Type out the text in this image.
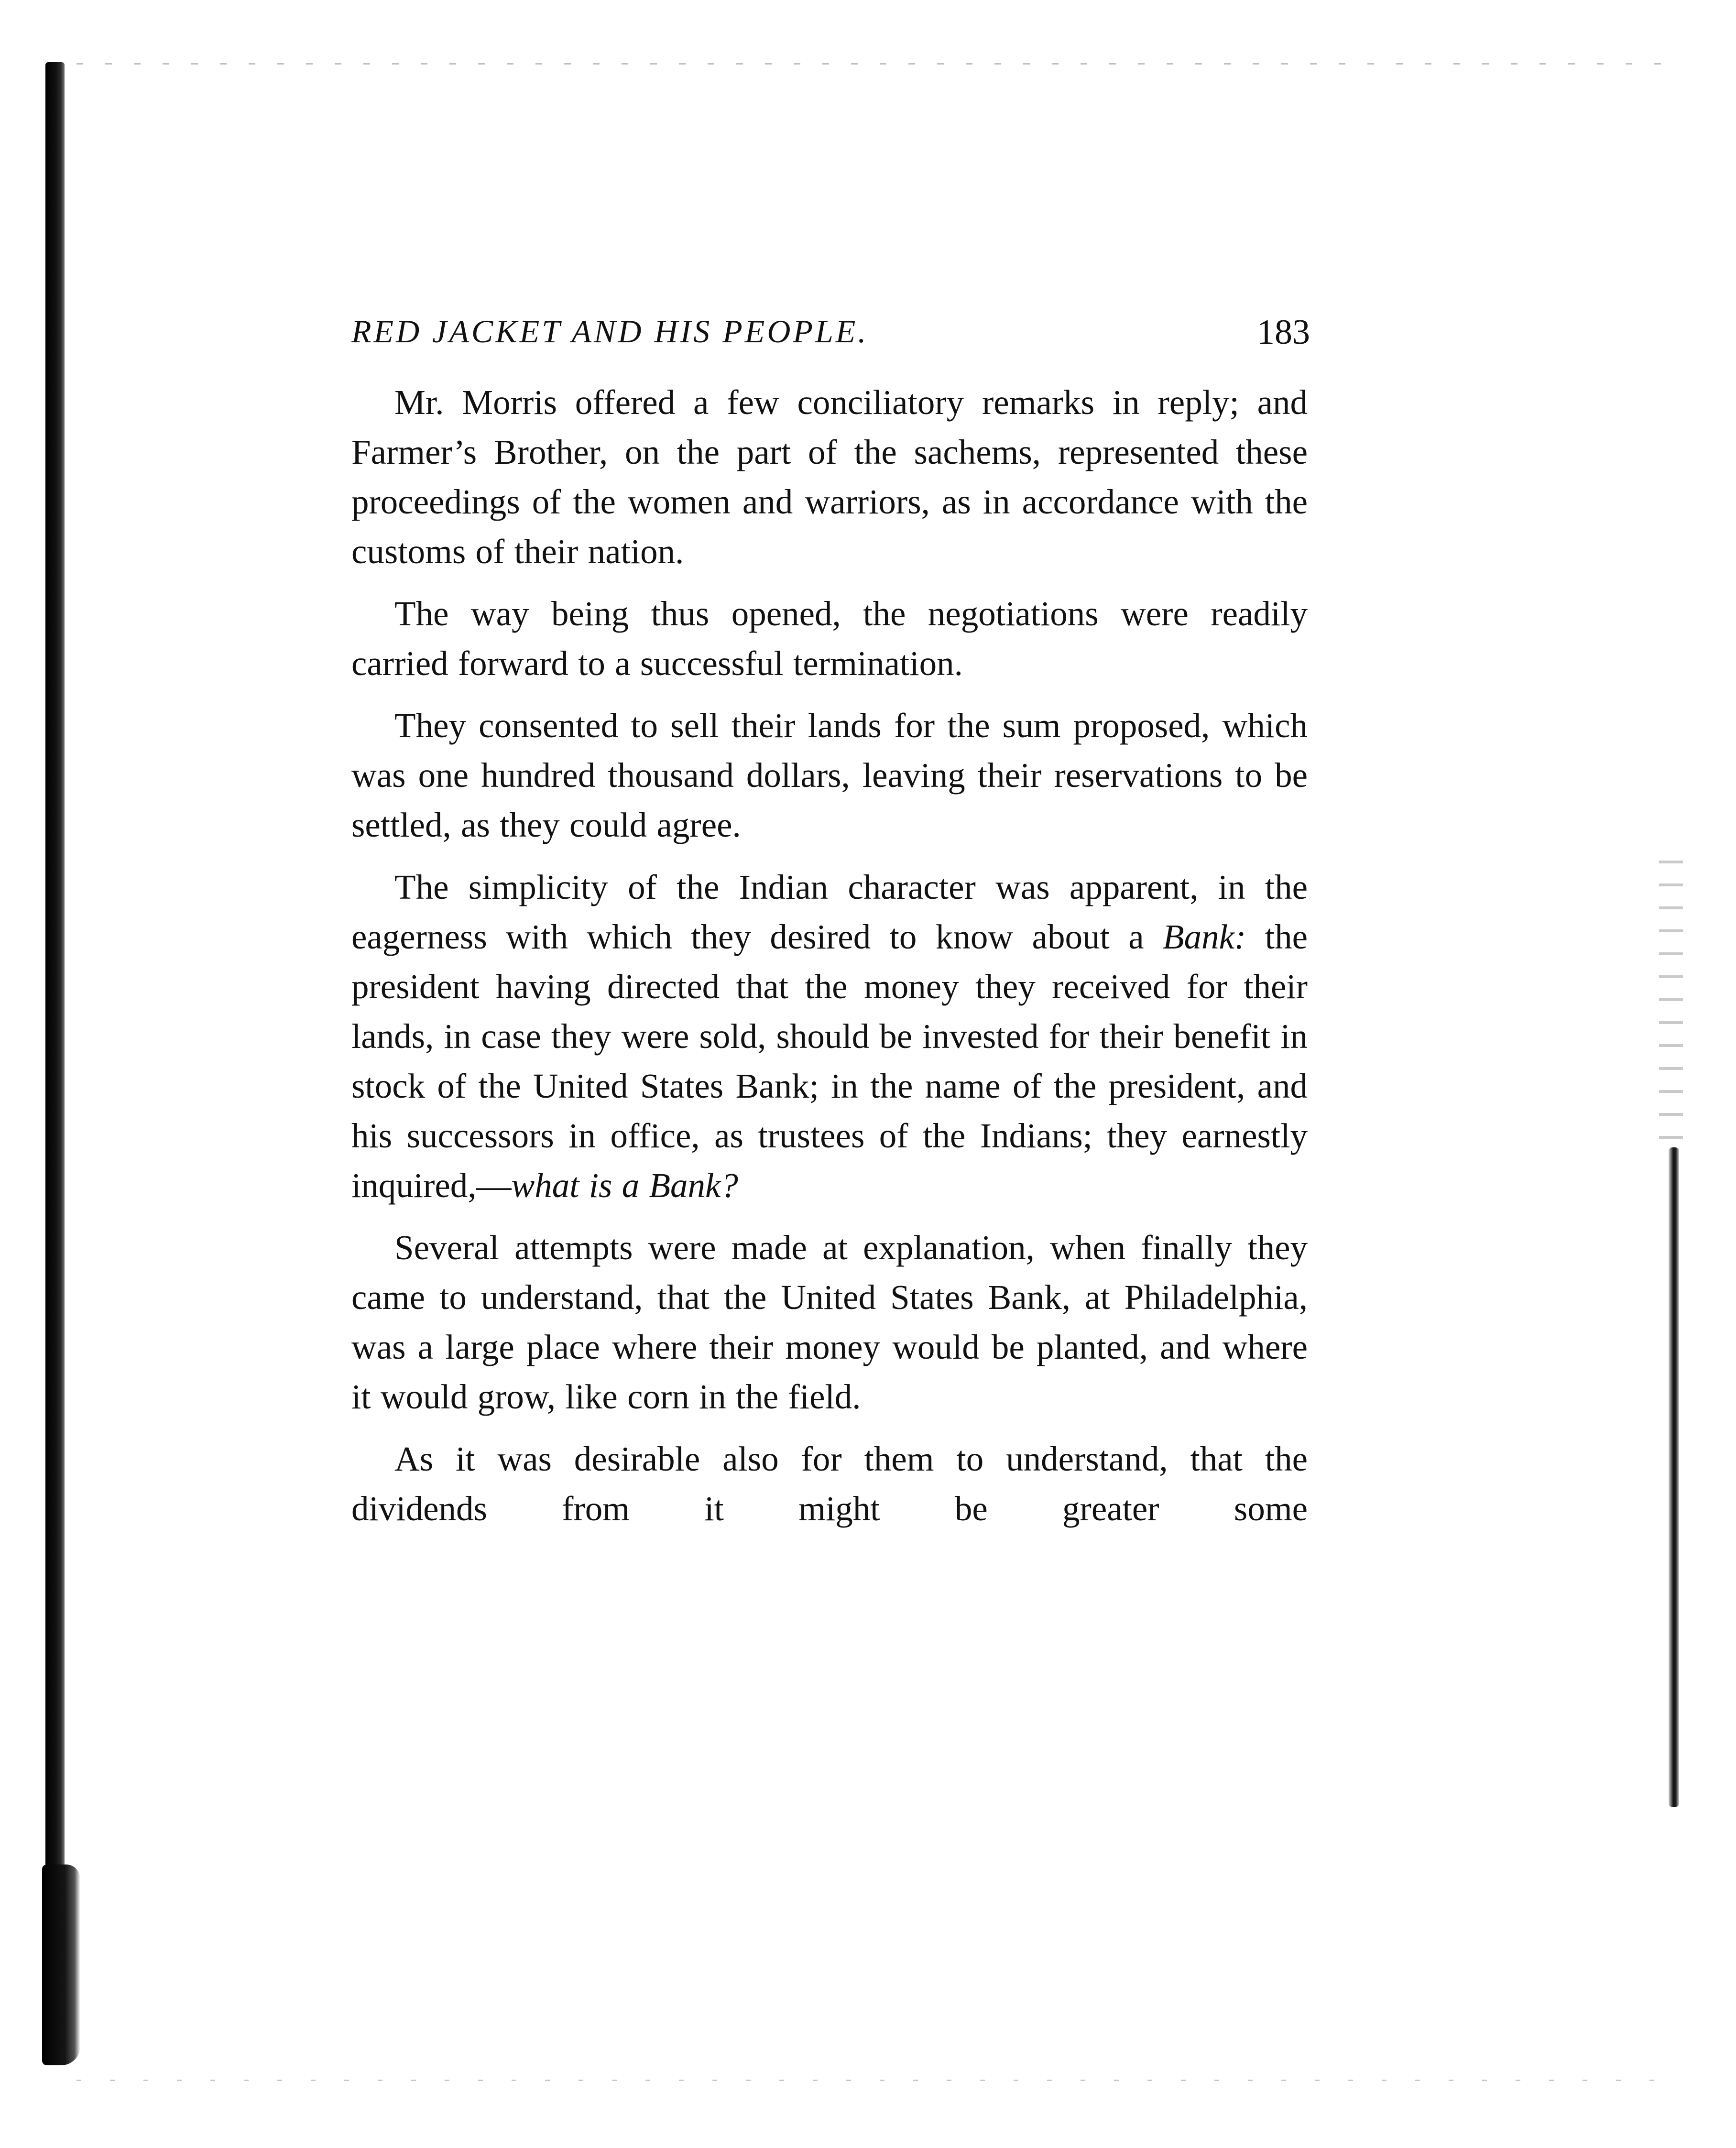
RED JACKET AND HIS PEOPLE.	183

Mr. Morris offered a few conciliatory remarks in reply; and Farmer’s Brother, on the part of the sachems, represented these proceedings of the women and warriors, as in accordance with the customs of their nation.

The way being thus opened, the negotiations were readily carried forward to a successful termination.

They consented to sell their lands for the sum proposed, which was one hundred thousand dollars, leaving their reservations to be settled, as they could agree.

The simplicity of the Indian character was apparent, in the eagerness with which they desired to know about a Bank: the president having directed that the money they received for their lands, in case they were sold, should be invested for their benefit in stock of the United States Bank; in the name of the president, and his successors in office, as trustees of the Indians; they earnestly inquired,—what is a Bank?

Several attempts were made at explanation, when finally they came to understand, that the United States Bank, at Philadelphia, was a large place where their money would be planted, and where it would grow, like corn in the field.

As it was desirable also for them to understand, that the dividends from it might be greater some
